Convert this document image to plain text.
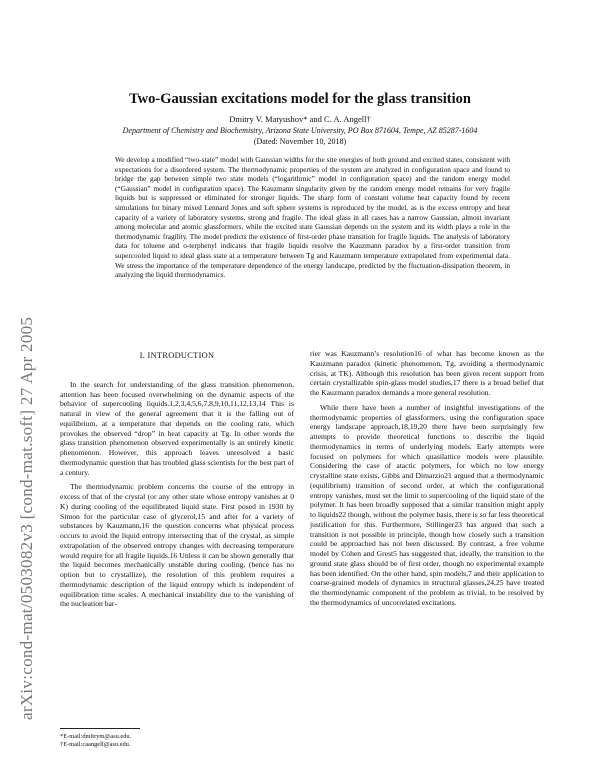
arXiv:cond-mat/0503082v3 [cond-mat.soft] 27 Apr 2005
Two-Gaussian excitations model for the glass transition
Dmitry V. Matyushov* and C. A. Angell†
Department of Chemistry and Biochemistry, Arizona State University, PO Box 871604, Tempe, AZ 85287-1604
(Dated: November 10, 2018)
We develop a modified “two-state” model with Gaussian widths for the site energies of both ground and excited states, consistent with expectations for a disordered system. The thermodynamic properties of the system are analyzed in configuration space and found to bridge the gap between simple two state models (“logarithmic” model in configuration space) and the random energy model (“Gaussian” model in configuration space). The Kauzmann singularity given by the random energy model remains for very fragile liquids but is suppressed or eliminated for stronger liquids. The sharp form of constant volume heat capacity found by recent simulations for binary mixed Lennard Jones and soft sphere systems is reproduced by the model, as is the excess entropy and heat capacity of a variety of laboratory systems, strong and fragile. The ideal glass in all cases has a narrow Gaussian, almost invariant among molecular and atomic glassformers, while the excited state Gaussian depends on the system and its width plays a role in the thermodynamic fragility. The model predicts the existence of first-order phase transition for fragile liquids. The analysis of laboratory data for toluene and o-terphenyl indicates that fragile liquids resolve the Kauzmann paradox by a first-order transition from supercooled liquid to ideal glass state at a temperature between Tg and Kauzmann temperature extrapolated from experimental data. We stress the importance of the temperature dependence of the energy landscape, predicted by the fluctuation-dissipation theorem, in analyzing the liquid thermodynamics.
I. INTRODUCTION

In the search for understanding of the glass transition phenomenon, attention has been focused overwhelming on the dynamic aspects of the behavior of supercooling liquids.1,2,3,4,5,6,7,8,9,10,11,12,13,14 This is natural in view of the general agreement that it is the falling out of equilibrium, at a temperature that depends on the cooling rate, which provokes the observed “drop” in heat capacity at Tg. In other words the glass transition phenomenon observed experimentally is an entirely kinetic phenomenon. However, this approach leaves unresolved a basic thermodynamic question that has troubled glass scientists for the best part of a century.

The thermodynamic problem concerns the course of the entropy in excess of that of the crystal (or any other state whose entropy vanishes at 0 K) during cooling of the equilibrated liquid state. First posed in 1930 by Simon for the particular case of glycerol,15 and after for a variety of substances by Kauzmann,16 the question concerns what physical process occurs to avoid the liquid entropy intersecting that of the crystal, as simple extrapolation of the observed entropy changes with decreasing temperature would require for all fragile liquids.16 Unless it can be shown generally that the liquid becomes mechanically unstable during cooling, (hence has no option but to crystallize), the resolution of this problem requires a thermodynamic description of the liquid entropy which is independent of equilibration time scales. A mechanical instability due to the vanishing of the nucleation bar-

rier was Kauzmann’s resolution16 of what has become known as the Kauzmann paradox (kinetic phenomenon, Tg, avoiding a thermodynamic crisis, at TK). Although this resolution has been given recent support from certain crystallizable spin-glass model studies,17 there is a broad belief that the Kauzmann paradox demands a more general resolution.

While there have been a number of insightful investigations of the thermodynamic properties of glassformers, using the configuration space energy landscape approach,18,19,20 there have been surprisingly few attempts to provide theoretical functions to describe the liquid thermodynamics in terms of underlying models. Early attempts were focused on polymers for which quasilattice models were plausible. Considering the case of atactic polymers, for which no low energy crystalline state exists, Gibbs and Dimarzio21 argued that a thermodynamic (equilibrium) transition of second order, at which the configurational entropy vanishes, must set the limit to supercooling of the liquid state of the polymer. It has been broadly supposed that a similar transition might apply to liquids22 though, without the polymer basis, there is so far less theoretical justification for this. Furthermore, Stillinger23 has argued that such a transition is not possible in principle, though how closely such a transition could be approached has not been discussed. By contrast, a free volume model by Cohen and Grest5 has suggested that, ideally, the transition to the ground state glass should be of first order, though no experimental example has been identified. On the other hand, spin models,7 and their application to coarse-grained models of dynamics in structural glasses,24,25 have treated the thermodynamic component of the problem as trivial, to be resolved by the thermodynamics of uncorrelated excitations.

*E-mail:dmitrym@asu.edu.
†E-mail:caangell@asu.edu.
